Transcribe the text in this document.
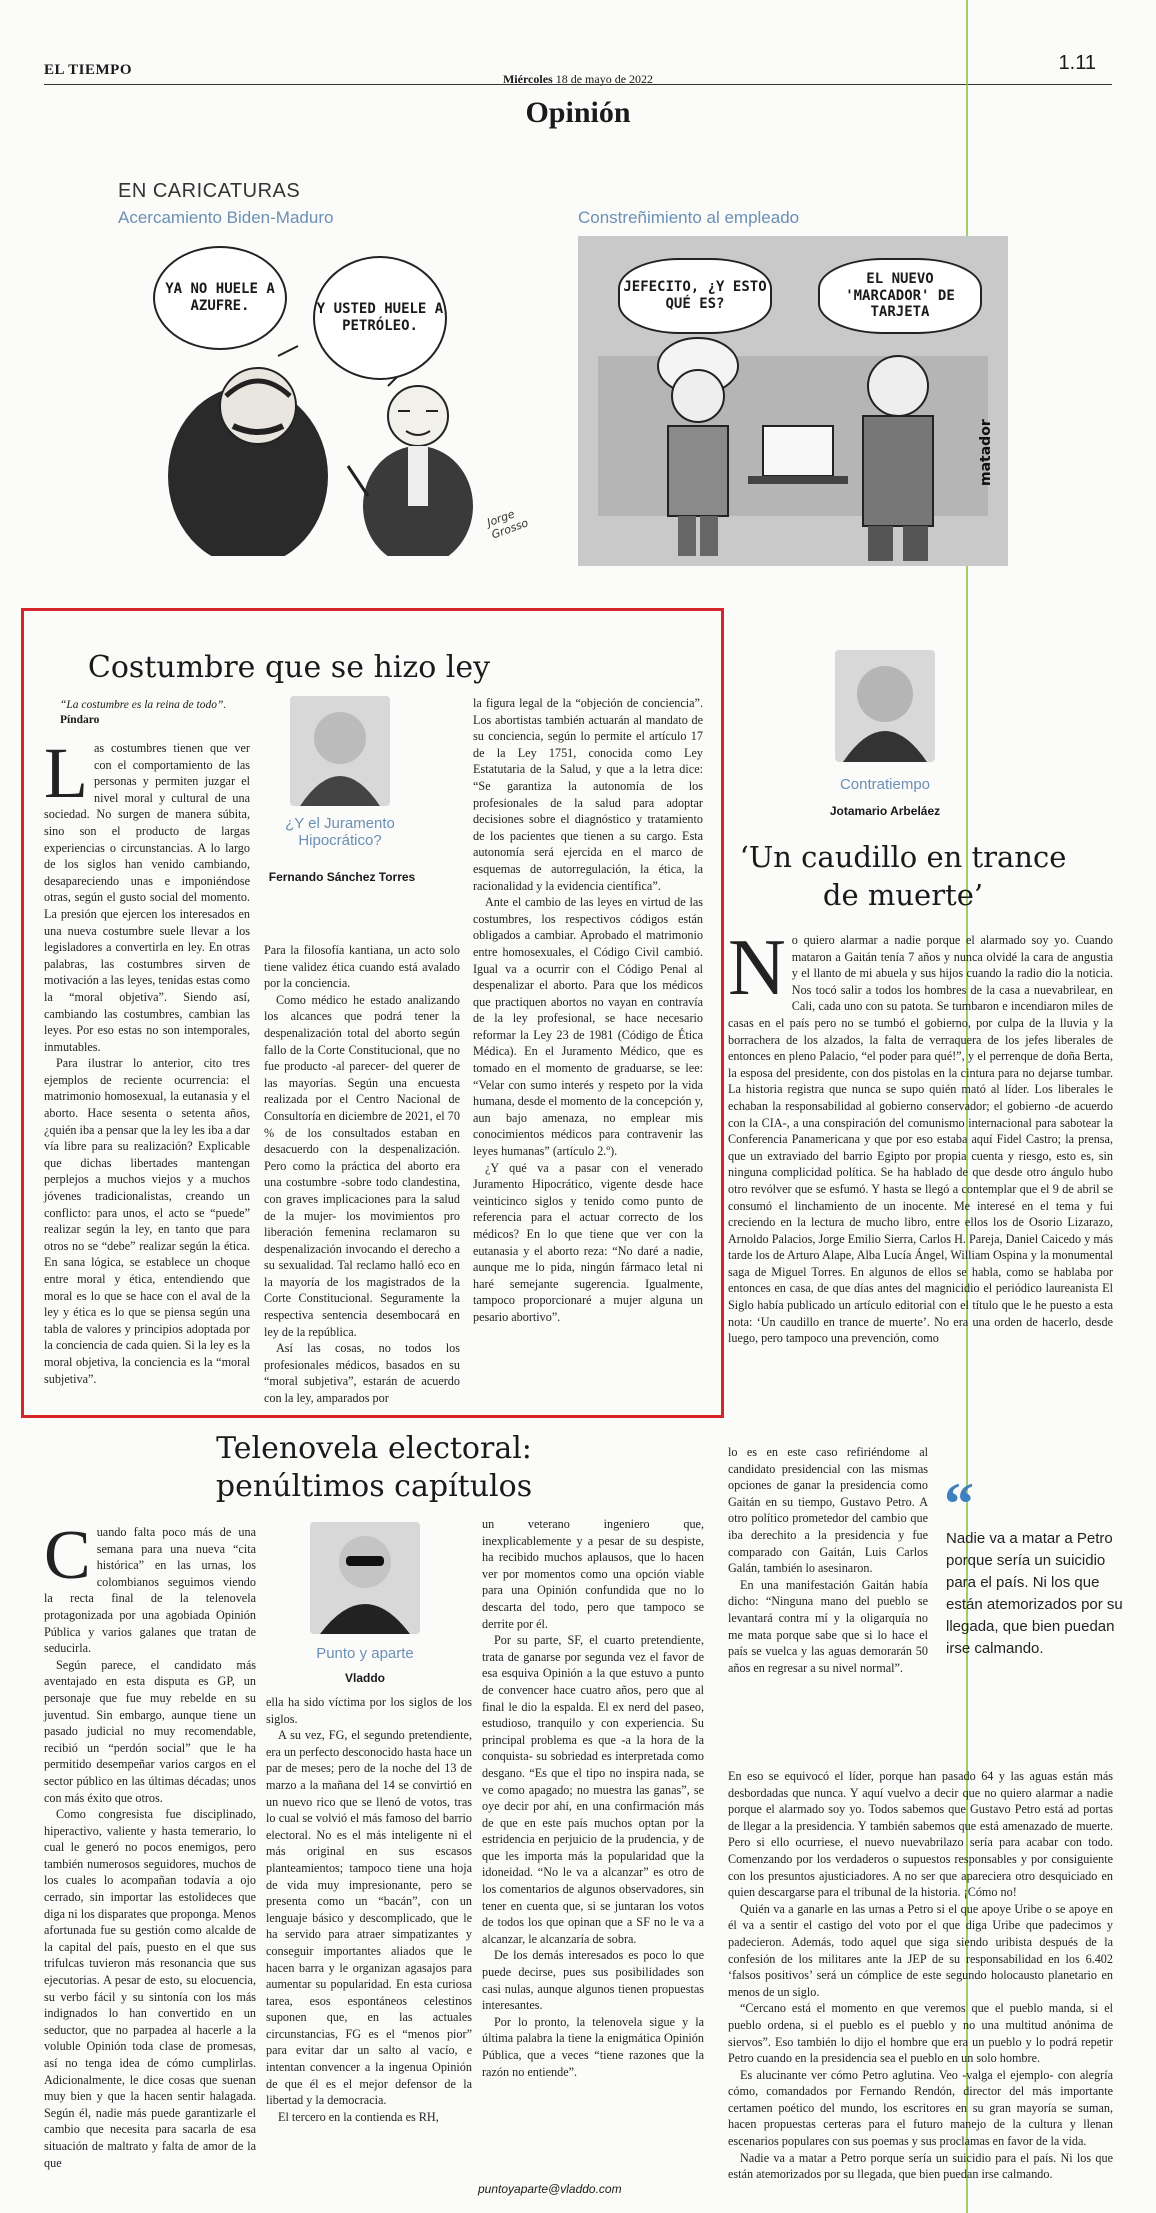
EL TIEMPO
Miércoles 18 de mayo de 2022
1.11
Opinión
EN CARICATURAS
Acercamiento Biden-Maduro	Constreñimiento al empleado
YA NO HUELE A AZUFRE.	Y USTED HUELE A PETRÓLEO.
Jorge Grosso
JEFECITO, ¿Y ESTO QUÉ ES?
EL NUEVO 'MARCADOR' DE TARJETA
matador
Costumbre que se hizo ley
“La costumbre es la reina de todo”. Píndaro
¿Y el Juramento Hipocrático?
Fernando Sánchez Torres

Las costumbres tienen que ver con el comportamiento de las personas y permiten juzgar el nivel moral y cultural de una sociedad. No surgen de manera súbita, sino son el producto de largas experiencias o circunstancias. A lo largo de los siglos han venido cambiando, desapareciendo unas e imponiéndose otras, según el gusto social del momento. La presión que ejercen los interesados en una nueva costumbre suele llevar a los legisladores a convertirla en ley. En otras palabras, las costumbres sirven de motivación a las leyes, tenidas estas como la “moral objetiva”. Siendo así, cambiando las costumbres, cambian las leyes. Por eso estas no son intemporales, inmutables.

Para ilustrar lo anterior, cito tres ejemplos de reciente ocurrencia: el matrimonio homosexual, la eutanasia y el aborto. Hace sesenta o setenta años, ¿quién iba a pensar que la ley les iba a dar vía libre para su realización? Explicable que dichas libertades mantengan perplejos a muchos viejos y a muchos jóvenes tradicionalistas, creando un conflicto: para unos, el acto se “puede” realizar según la ley, en tanto que para otros no se “debe” realizar según la ética. En sana lógica, se establece un choque entre moral y ética, entendiendo que moral es lo que se hace con el aval de la ley y ética es lo que se piensa según una tabla de valores y principios adoptada por la conciencia de cada quien. Si la ley es la moral objetiva, la conciencia es la “moral subjetiva”.

Para la filosofía kantiana, un acto solo tiene validez ética cuando está avalado por la conciencia.

Como médico he estado analizando los alcances que podrá tener la despenalización total del aborto según fallo de la Corte Constitucional, que no fue producto -al parecer- del querer de las mayorías. Según una encuesta realizada por el Centro Nacional de Consultoría en diciembre de 2021, el 70 % de los consultados estaban en desacuerdo con la despenalización. Pero como la práctica del aborto era una costumbre -sobre todo clandestina, con graves implicaciones para la salud de la mujer- los movimientos pro liberación femenina reclamaron su despenalización invocando el derecho a su sexualidad. Tal reclamo halló eco en la mayoría de los magistrados de la Corte Constitucional. Seguramente la respectiva sentencia desembocará en ley de la república.

Así las cosas, no todos los profesionales médicos, basados en su “moral subjetiva”, estarán de acuerdo con la ley, amparados por

la figura legal de la “objeción de conciencia”. Los abortistas también actuarán al mandato de su conciencia, según lo permite el artículo 17 de la Ley 1751, conocida como Ley Estatutaria de la Salud, y que a la letra dice: “Se garantiza la autonomía de los profesionales de la salud para adoptar decisiones sobre el diagnóstico y tratamiento de los pacientes que tienen a su cargo. Esta autonomía será ejercida en el marco de esquemas de autorregulación, la ética, la racionalidad y la evidencia científica”.

Ante el cambio de las leyes en virtud de las costumbres, los respectivos códigos están obligados a cambiar. Aprobado el matrimonio entre homosexuales, el Código Civil cambió. Igual va a ocurrir con el Código Penal al despenalizar el aborto. Para que los médicos que practiquen abortos no vayan en contravía de la ley profesional, se hace necesario reformar la Ley 23 de 1981 (Código de Ética Médica). En el Juramento Médico, que es tomado en el momento de graduarse, se lee: “Velar con sumo interés y respeto por la vida humana, desde el momento de la concepción y, aun bajo amenaza, no emplear mis conocimientos médicos para contravenir las leyes humanas” (artículo 2.º).

¿Y qué va a pasar con el venerado Juramento Hipocrático, vigente desde hace veinticinco siglos y tenido como punto de referencia para el actuar correcto de los médicos? En lo que tiene que ver con la eutanasia y el aborto reza: “No daré a nadie, aunque me lo pida, ningún fármaco letal ni haré semejante sugerencia. Igualmente, tampoco proporcionaré a mujer alguna un pesario abortivo”.

Contratiempo
Jotamario Arbeláez
‘Un caudillo en trance de muerte’

No quiero alarmar a nadie porque el alarmado soy yo. Cuando mataron a Gaitán tenía 7 años y nunca olvidé la cara de angustia y el llanto de mi abuela y sus hijos cuando la radio dio la noticia. Nos tocó salir a todos los hombres de la casa a nuevabrilear, en Cali, cada uno con su patota. Se tumbaron e incendiaron miles de casas en el país pero no se tumbó el gobierno, por culpa de la lluvia y la borrachera de los alzados, la falta de verraquera de los jefes liberales de entonces en pleno Palacio, “el poder para qué!”, y el perrenque de doña Berta, la esposa del presidente, con dos pistolas en la cintura para no dejarse tumbar. La historia registra que nunca se supo quién mató al líder. Los liberales le echaban la responsabilidad al gobierno conservador; el gobierno -de acuerdo con la CIA-, a una conspiración del comunismo internacional para sabotear la Conferencia Panamericana y que por eso estaba aquí Fidel Castro; la prensa, que un extraviado del barrio Egipto por propia cuenta y riesgo, esto es, sin ninguna complicidad política. Se ha hablado de que desde otro ángulo hubo otro revólver que se esfumó. Y hasta se llegó a contemplar que el 9 de abril se consumó el linchamiento de un inocente. Me interesé en el tema y fui creciendo en la lectura de mucho libro, entre ellos los de Osorio Lizarazo, Arnoldo Palacios, Jorge Emilio Sierra, Carlos H. Pareja, Daniel Caicedo y más tarde los de Arturo Alape, Alba Lucía Ángel, William Ospina y la monumental saga de Miguel Torres. En algunos de ellos se habla, como se hablaba por entonces en casa, de que días antes del magnicidio el periódico laureanista El Siglo había publicado un artículo editorial con el título que le he puesto a esta nota: ‘Un caudillo en trance de muerte’. No era una orden de hacerlo, desde luego, pero tampoco una prevención, como

lo es en este caso refiriéndome al candidato presidencial con las mismas opciones de ganar la presidencia como Gaitán en su tiempo, Gustavo Petro. A otro político prometedor del cambio que iba derechito a la presidencia y fue comparado con Gaitán, Luis Carlos Galán, también lo asesinaron.

En una manifestación Gaitán había dicho: “Ninguna mano del pueblo se levantará contra mí y la oligarquía no me mata porque sabe que si lo hace el país se vuelca y las aguas demorarán 50 años en regresar a su nivel normal”.

“
Nadie va a matar a Petro porque sería un suicidio para el país. Ni los que están atemorizados por su llegada, que bien puedan irse calmando.

En eso se equivocó el líder, porque han pasado 64 y las aguas están más desbordadas que nunca. Y aquí vuelvo a decir que no quiero alarmar a nadie porque el alarmado soy yo. Todos sabemos que Gustavo Petro está ad portas de llegar a la presidencia. Y también sabemos que está amenazado de muerte. Pero si ello ocurriese, el nuevo nuevabrilazo sería para acabar con todo. Comenzando por los verdaderos o supuestos responsables y por consiguiente con los presuntos ajusticiadores. A no ser que apareciera otro desquiciado en quien descargarse para el tribunal de la historia. ¡Cómo no!

Quién va a ganarle en las urnas a Petro si el que apoye Uribe o se apoye en él va a sentir el castigo del voto por el que diga Uribe que padecimos y padecieron. Además, todo aquel que siga siendo uribista después de la confesión de los militares ante la JEP de su responsabilidad en los 6.402 ‘falsos positivos’ será un cómplice de este segundo holocausto planetario en menos de un siglo.

“Cercano está el momento en que veremos que el pueblo manda, si el pueblo ordena, si el pueblo es el pueblo y no una multitud anónima de siervos”. Eso también lo dijo el hombre que era un pueblo y lo podrá repetir Petro cuando en la presidencia sea el pueblo en un solo hombre.

Es alucinante ver cómo Petro aglutina. Veo -valga el ejemplo- con alegría cómo, comandados por Fernando Rendón, director del más importante certamen poético del mundo, los escritores en su gran mayoría se suman, hacen propuestas certeras para el futuro manejo de la cultura y llenan escenarios populares con sus poemas y sus proclamas en favor de la vida.

Nadie va a matar a Petro porque sería un suicidio para el país. Ni los que están atemorizados por su llegada, que bien puedan irse calmando.

Telenovela electoral:
penúltimos capítulos
Punto y aparte
Vladdo

Cuando falta poco más de una semana para una nueva “cita histórica” en las urnas, los colombianos seguimos viendo la recta final de la telenovela protagonizada por una agobiada Opinión Pública y varios galanes que tratan de seducirla.

Según parece, el candidato más aventajado en esta disputa es GP, un personaje que fue muy rebelde en su juventud. Sin embargo, aunque tiene un pasado judicial no muy recomendable, recibió un “perdón social” que le ha permitido desempeñar varios cargos en el sector público en las últimas décadas; unos con más éxito que otros.

Como congresista fue disciplinado, hiperactivo, valiente y hasta temerario, lo cual le generó no pocos enemigos, pero también numerosos seguidores, muchos de los cuales lo acompañan todavía a ojo cerrado, sin importar las estolideces que diga ni los disparates que proponga. Menos afortunada fue su gestión como alcalde de la capital del país, puesto en el que sus trifulcas tuvieron más resonancia que sus ejecutorias. A pesar de esto, su elocuencia, su verbo fácil y su sintonía con los más indignados lo han convertido en un seductor, que no parpadea al hacerle a la voluble Opinión toda clase de promesas, así no tenga idea de cómo cumplirlas. Adicionalmente, le dice cosas que suenan muy bien y que la hacen sentir halagada. Según él, nadie más puede garantizarle el cambio que necesita para sacarla de esa situación de maltrato y falta de amor de la que

ella ha sido víctima por los siglos de los siglos.

A su vez, FG, el segundo pretendiente, era un perfecto desconocido hasta hace un par de meses; pero de la noche del 13 de marzo a la mañana del 14 se convirtió en un nuevo rico que se llenó de votos, tras lo cual se volvió el más famoso del barrio electoral. No es el más inteligente ni el más original en sus escasos planteamientos; tampoco tiene una hoja de vida muy impresionante, pero se presenta como un “bacán”, con un lenguaje básico y descomplicado, que le ha servido para atraer simpatizantes y conseguir importantes aliados que le hacen barra y le organizan agasajos para aumentar su popularidad. En esta curiosa tarea, esos espontáneos celestinos suponen que, en las actuales circunstancias, FG es el “menos pior” para evitar dar un salto al vacío, e intentan convencer a la ingenua Opinión de que él es el mejor defensor de la libertad y la democracia.

El tercero en la contienda es RH,

un veterano ingeniero que, inexplicablemente y a pesar de su despiste, ha recibido muchos aplausos, que lo hacen ver por momentos como una opción viable para una Opinión confundida que no lo descarta del todo, pero que tampoco se derrite por él.

Por su parte, SF, el cuarto pretendiente, trata de ganarse por segunda vez el favor de esa esquiva Opinión a la que estuvo a punto de convencer hace cuatro años, pero que al final le dio la espalda. El ex nerd del paseo, estudioso, tranquilo y con experiencia. Su principal problema es que -a la hora de la conquista- su sobriedad es interpretada como desgano. “Es que el tipo no inspira nada, se ve como apagado; no muestra las ganas”, se oye decir por ahí, en una confirmación más de que en este país muchos optan por la estridencia en perjuicio de la prudencia, y de que les importa más la popularidad que la idoneidad. “No le va a alcanzar” es otro de los comentarios de algunos observadores, sin tener en cuenta que, si se juntaran los votos de todos los que opinan que a SF no le va a alcanzar, le alcanzaría de sobra.

De los demás interesados es poco lo que puede decirse, pues sus posibilidades son casi nulas, aunque algunos tienen propuestas interesantes.

Por lo pronto, la telenovela sigue y la última palabra la tiene la enigmática Opinión Pública, que a veces “tiene razones que la razón no entiende”.

puntoyaparte@vladdo.com
